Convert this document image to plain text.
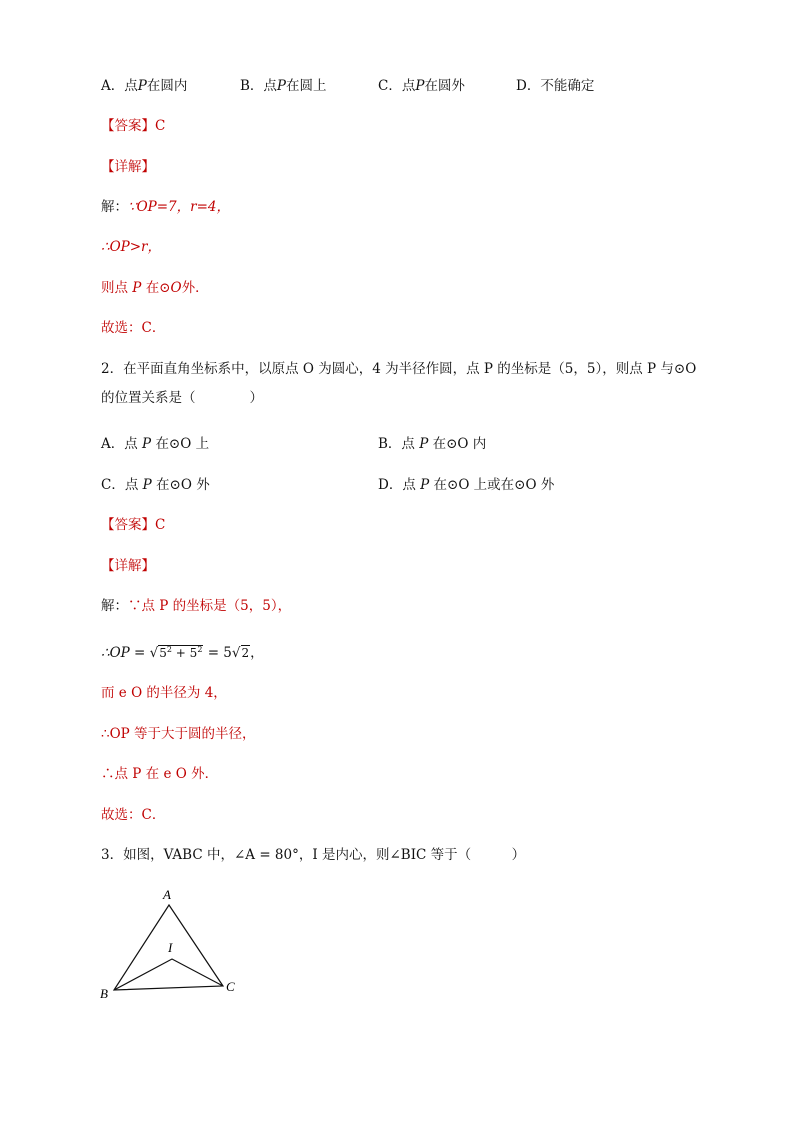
A．点P在圆内	B．点P在圆上	C．点P在圆外	D．不能确定
【答案】C
【详解】
解：∵OP=7，r=4，
∴OP>r，
则点 P 在⊙O外．
故选：C．
2．在平面直角坐标系中，以原点 O 为圆心，4 为半径作圆，点 P 的坐标是（5，5），则点 P 与⊙O
的位置关系是（　　　　）
A．点 P 在⊙O 上	B．点 P 在⊙O 内
C．点 P 在⊙O 外	D．点 P 在⊙O 上或在⊙O 外
【答案】C
【详解】
解：∵点 P 的坐标是（5，5），
∴OP = $√5^2 + 5^2 = 5√2$，
而 e O 的半径为 4，
∴OP 等于大于圆的半径，
∴点 P 在 e O 外．
故选：C．
3．如图，VABC 中，∠A = 80°，I 是内心，则∠BIC 等于（　　　）
A
B	C
I
